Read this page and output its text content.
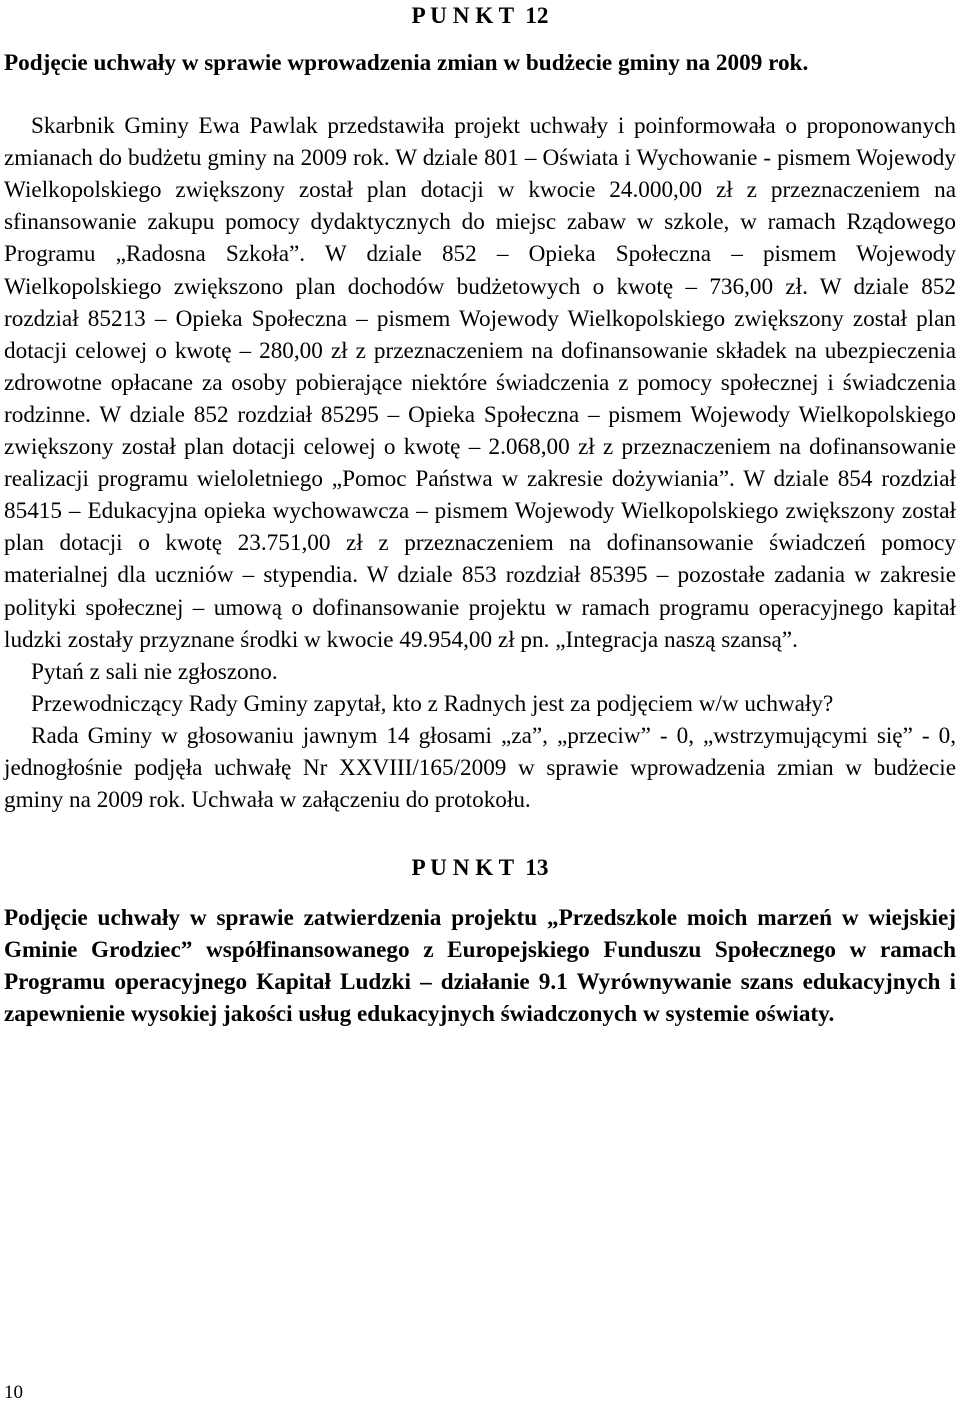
P U N K T  12

Podjęcie uchwały w sprawie wprowadzenia zmian w budżecie gminy na 2009 rok.

Skarbnik Gminy Ewa Pawlak przedstawiła projekt uchwały i poinformowała o proponowanych zmianach do budżetu gminy na 2009 rok. W dziale 801 – Oświata i Wychowanie - pismem Wojewody Wielkopolskiego zwiększony został plan dotacji w kwocie 24.000,00 zł z przeznaczeniem na sfinansowanie zakupu pomocy dydaktycznych do miejsc zabaw w szkole, w ramach Rządowego Programu „Radosna Szkoła”. W dziale 852 – Opieka Społeczna – pismem Wojewody Wielkopolskiego zwiększono plan dochodów budżetowych o kwotę – 736,00 zł. W dziale 852 rozdział 85213 – Opieka Społeczna – pismem Wojewody Wielkopolskiego zwiększony został plan dotacji celowej o kwotę – 280,00 zł z przeznaczeniem na dofinansowanie składek na ubezpieczenia zdrowotne opłacane za osoby pobierające niektóre świadczenia z pomocy społecznej i świadczenia rodzinne. W dziale 852 rozdział 85295 – Opieka Społeczna – pismem Wojewody Wielkopolskiego zwiększony został plan dotacji celowej o kwotę – 2.068,00 zł z przeznaczeniem na dofinansowanie realizacji programu wieloletniego „Pomoc Państwa w zakresie dożywiania”. W dziale 854 rozdział 85415 – Edukacyjna opieka wychowawcza – pismem Wojewody Wielkopolskiego zwiększony został plan dotacji o kwotę 23.751,00 zł z przeznaczeniem na dofinansowanie świadczeń pomocy materialnej dla uczniów – stypendia. W dziale 853 rozdział 85395 – pozostałe zadania w zakresie polityki społecznej – umową o dofinansowanie projektu w ramach programu operacyjnego kapitał ludzki zostały przyznane środki w kwocie 49.954,00 zł pn. „Integracja naszą szansą”.

Pytań z sali nie zgłoszono.

Przewodniczący Rady Gminy zapytał, kto z Radnych jest za podjęciem w/w uchwały?

Rada Gminy w głosowaniu jawnym 14 głosami „za”, „przeciw” - 0, „wstrzymującymi się” - 0, jednogłośnie podjęła uchwałę Nr XXVIII/165/2009 w sprawie wprowadzenia zmian w budżecie gminy na 2009 rok. Uchwała w załączeniu do protokołu.

P U N K T  13

Podjęcie uchwały w sprawie zatwierdzenia projektu „Przedszkole moich marzeń w wiejskiej Gminie Grodziec” współfinansowanego z Europejskiego Funduszu Społecznego w ramach Programu operacyjnego Kapitał Ludzki – działanie 9.1 Wyrównywanie szans edukacyjnych i zapewnienie wysokiej jakości usług edukacyjnych świadczonych w systemie oświaty.

10
